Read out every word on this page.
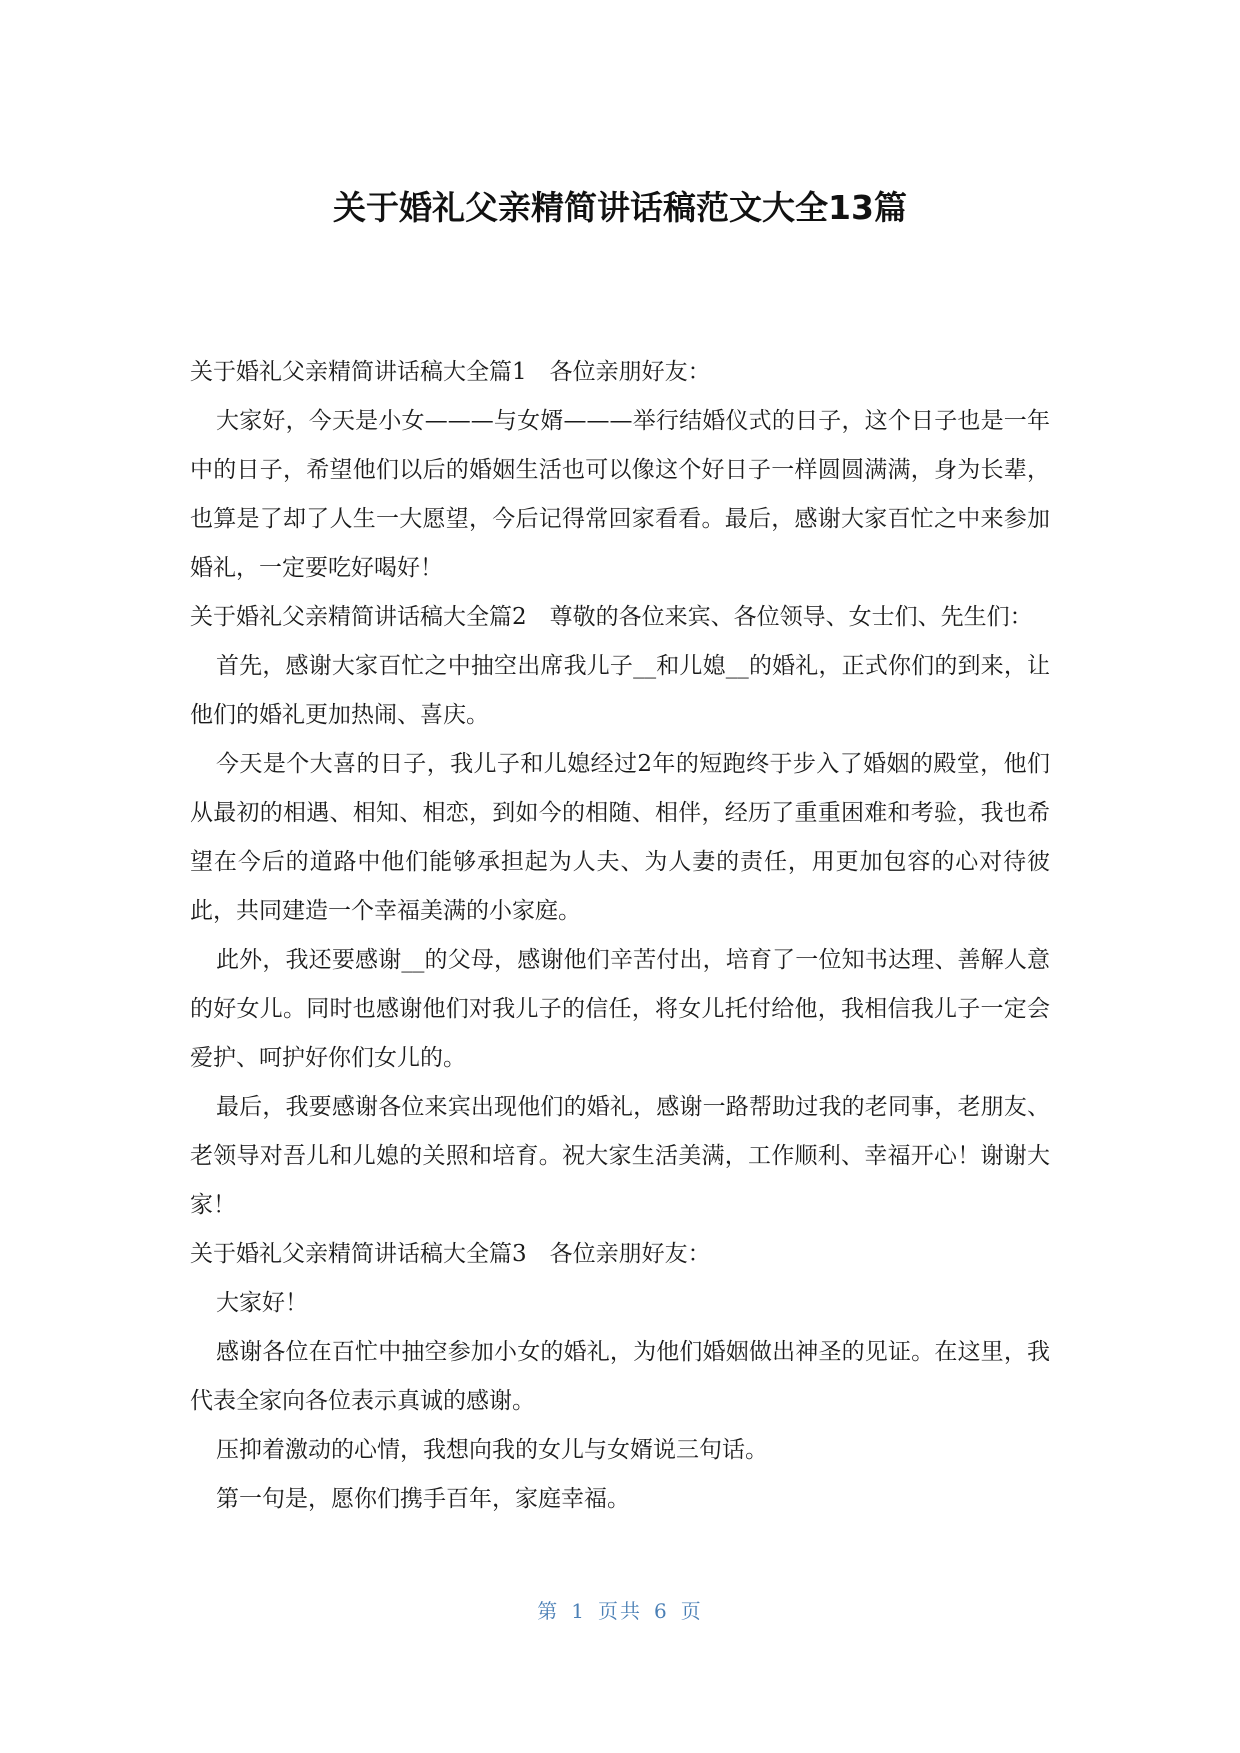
关于婚礼父亲精简讲话稿范文大全13篇

关于婚礼父亲精简讲话稿大全篇1　各位亲朋好友：

大家好，今天是小女———与女婿———举行结婚仪式的日子，这个日子也是一年中的日子，希望他们以后的婚姻生活也可以像这个好日子一样圆圆满满，身为长辈，也算是了却了人生一大愿望，今后记得常回家看看。最后，感谢大家百忙之中来参加婚礼，一定要吃好喝好！

关于婚礼父亲精简讲话稿大全篇2　尊敬的各位来宾、各位领导、女士们、先生们：

首先，感谢大家百忙之中抽空出席我儿子__和儿媳__的婚礼，正式你们的到来，让他们的婚礼更加热闹、喜庆。

今天是个大喜的日子，我儿子和儿媳经过2年的短跑终于步入了婚姻的殿堂，他们从最初的相遇、相知、相恋，到如今的相随、相伴，经历了重重困难和考验，我也希望在今后的道路中他们能够承担起为人夫、为人妻的责任，用更加包容的心对待彼此，共同建造一个幸福美满的小家庭。

此外，我还要感谢__的父母，感谢他们辛苦付出，培育了一位知书达理、善解人意的好女儿。同时也感谢他们对我儿子的信任，将女儿托付给他，我相信我儿子一定会爱护、呵护好你们女儿的。

最后，我要感谢各位来宾出现他们的婚礼，感谢一路帮助过我的老同事，老朋友、老领导对吾儿和儿媳的关照和培育。祝大家生活美满，工作顺利、幸福开心！谢谢大家！

关于婚礼父亲精简讲话稿大全篇3　各位亲朋好友：

大家好！

感谢各位在百忙中抽空参加小女的婚礼，为他们婚姻做出神圣的见证。在这里，我代表全家向各位表示真诚的感谢。

压抑着激动的心情，我想向我的女儿与女婿说三句话。

第一句是，愿你们携手百年，家庭幸福。

第 1 页共 6 页
